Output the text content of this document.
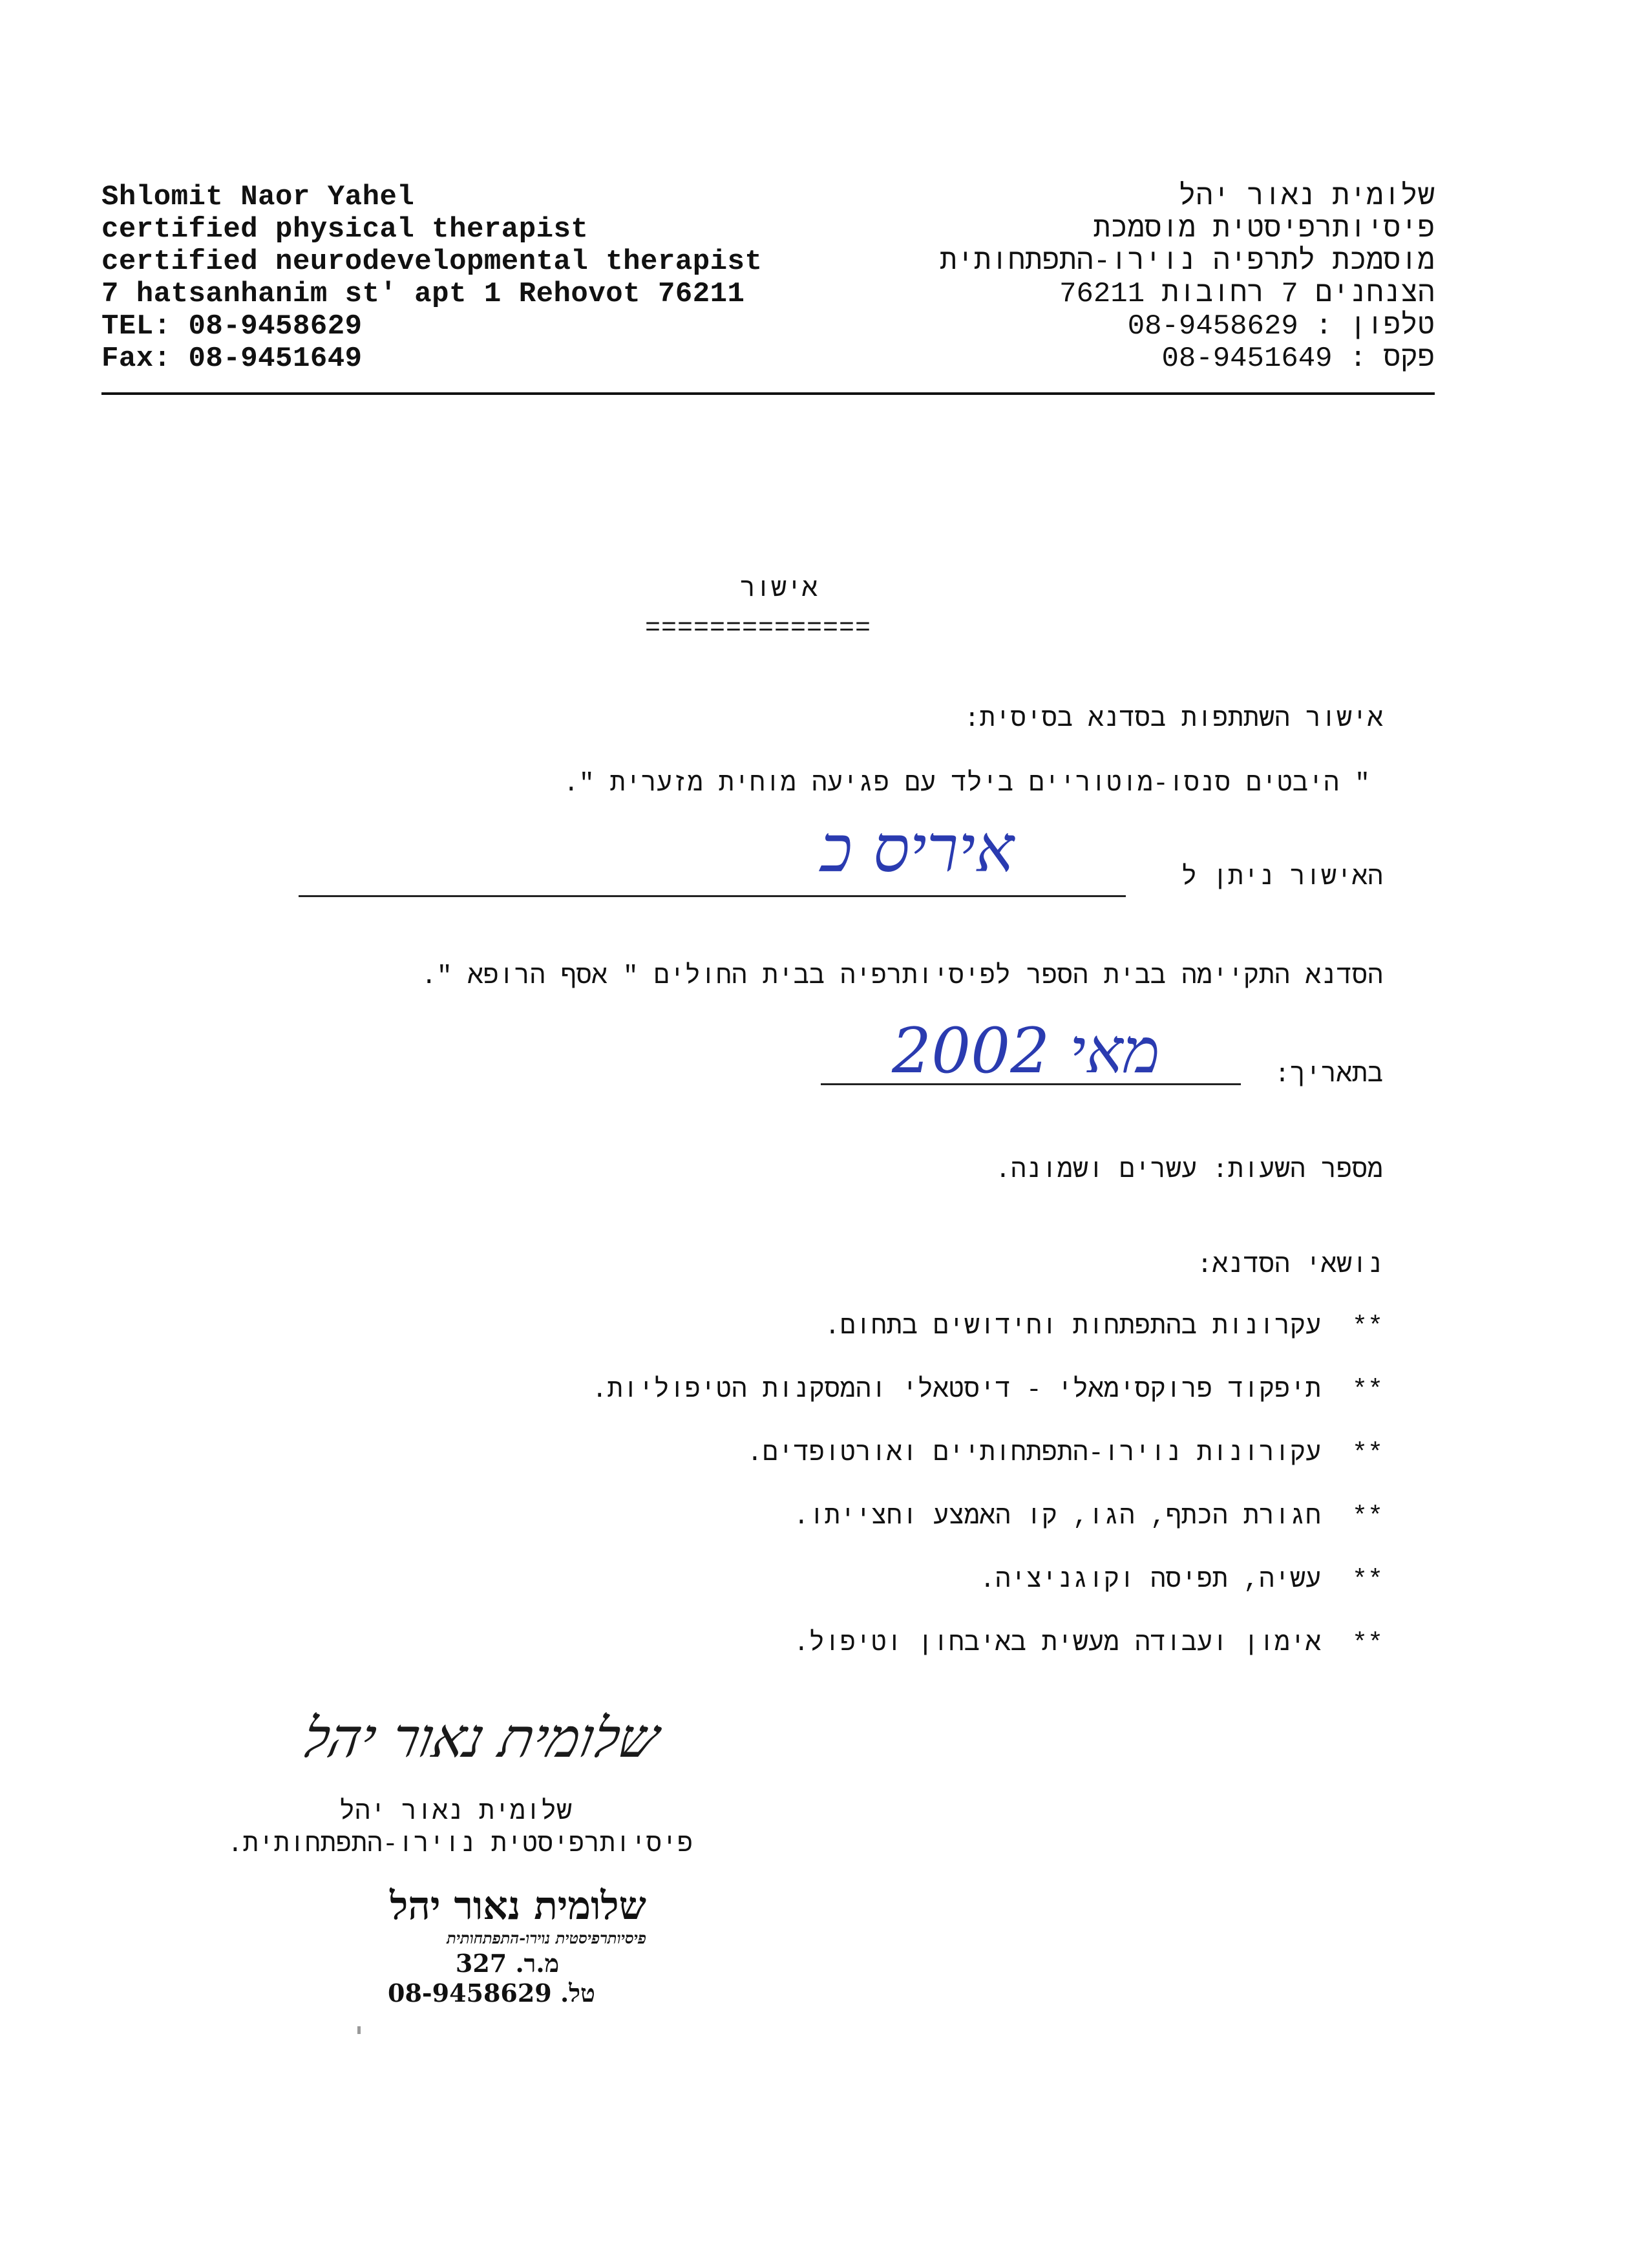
Shlomit Naor Yahel
certified physical therapist
certified neurodevelopmental therapist
7 hatsanhanim st' apt 1 Rehovot 76211
TEL: 08-9458629
Fax: 08-9451649
שלומית נאור יהל
פיסיותרפיסטית מוסמכת
מוסמכת לתרפיה נוירו-התפתחותית
הצנחנים 7 רחובות 76211
טלפון : 08-9458629
פקס : 08-9451649
אישור
==============
אישור השתתפות בסדנא בסיסית:
" היבטים סנסו-מוטוריים בילד עם פגיעה מוחית מזערית ".
האישור ניתן ל
איריס כ
הסדנא התקיימה בבית הספר לפיסיותרפיה בבית החולים " אסף הרופא ".
בתאריך:
מאי 2002
מספר השעות: עשרים ושמונה.
נושאי הסדנא:
**  עקרונות בהתפתחות וחידושים בתחום.
**  תיפקוד פרוקסימאלי - דיסטאלי והמסקנות הטיפוליות.
**  עקורונות נוירו-התפתחותיים ואורטופדים.
**  חגורת הכתף, הגו, קו האמצע וחצייתו.
**  עשיה, תפיסה וקוגניציה.
**  אימון ועבודה מעשית באיבחון וטיפול.
שלומית נאור יהל
שלומית נאור יהל
פיסיותרפיסטית נוירו-התפתחותית.
שלומית נאור יהל
פיסיותרפיסטית נוירו-התפתחותית
מ.ר. 327
טל. 08-9458629
